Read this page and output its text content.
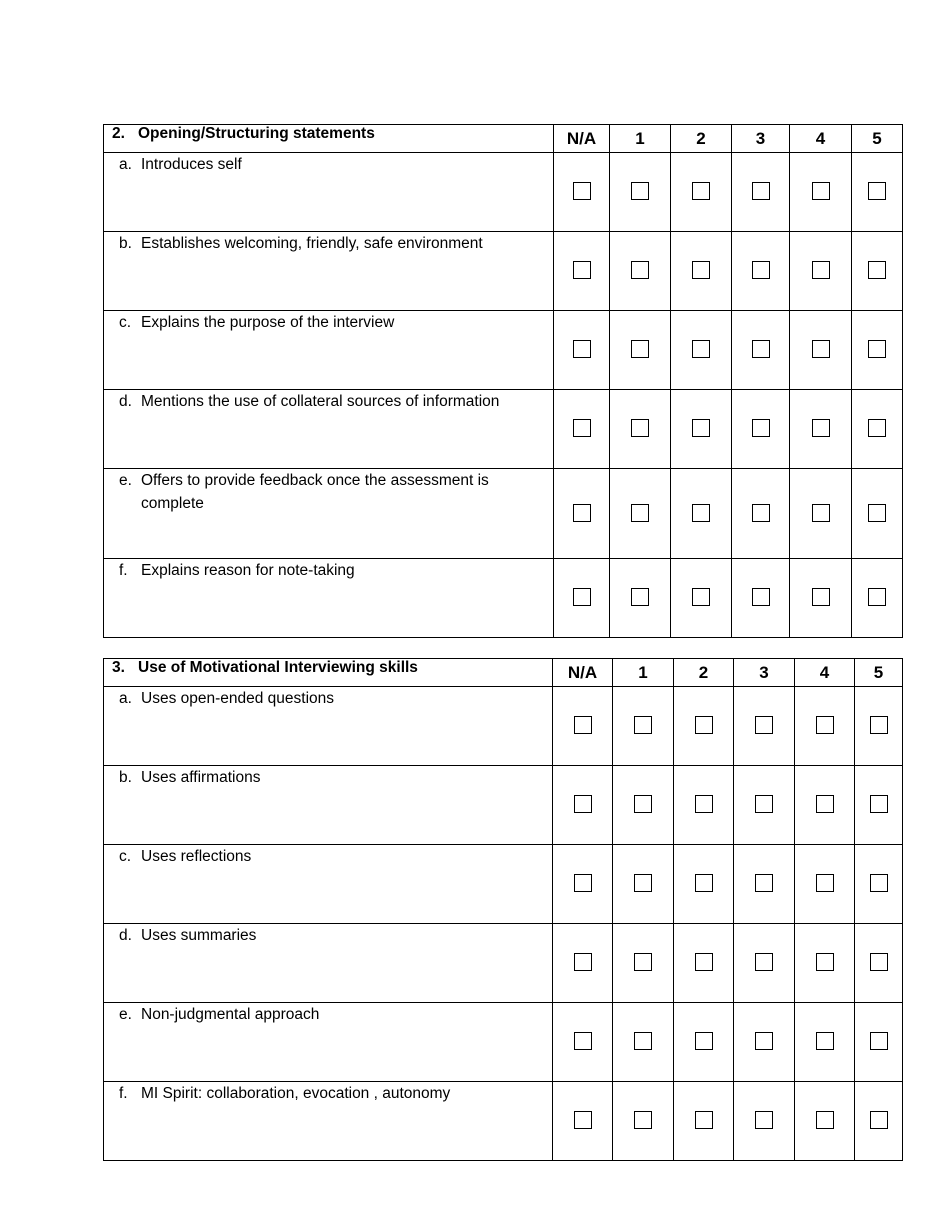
2. Opening/Structuring statements	N/A	1	2	3	4	5

a. Introduces self						

b. Establishes welcoming, friendly, safe environment						

c. Explains the purpose of the interview						

d. Mentions the use of collateral sources of information						

e. Offers to provide feedback once the assessment is complete						

f. Explains reason for note-taking						

3. Use of Motivational Interviewing skills	N/A	1	2	3	4	5

a. Uses open-ended questions						

b. Uses affirmations						

c. Uses reflections						

d. Uses summaries						

e. Non-judgmental approach						

f. MI Spirit: collaboration, evocation , autonomy						
